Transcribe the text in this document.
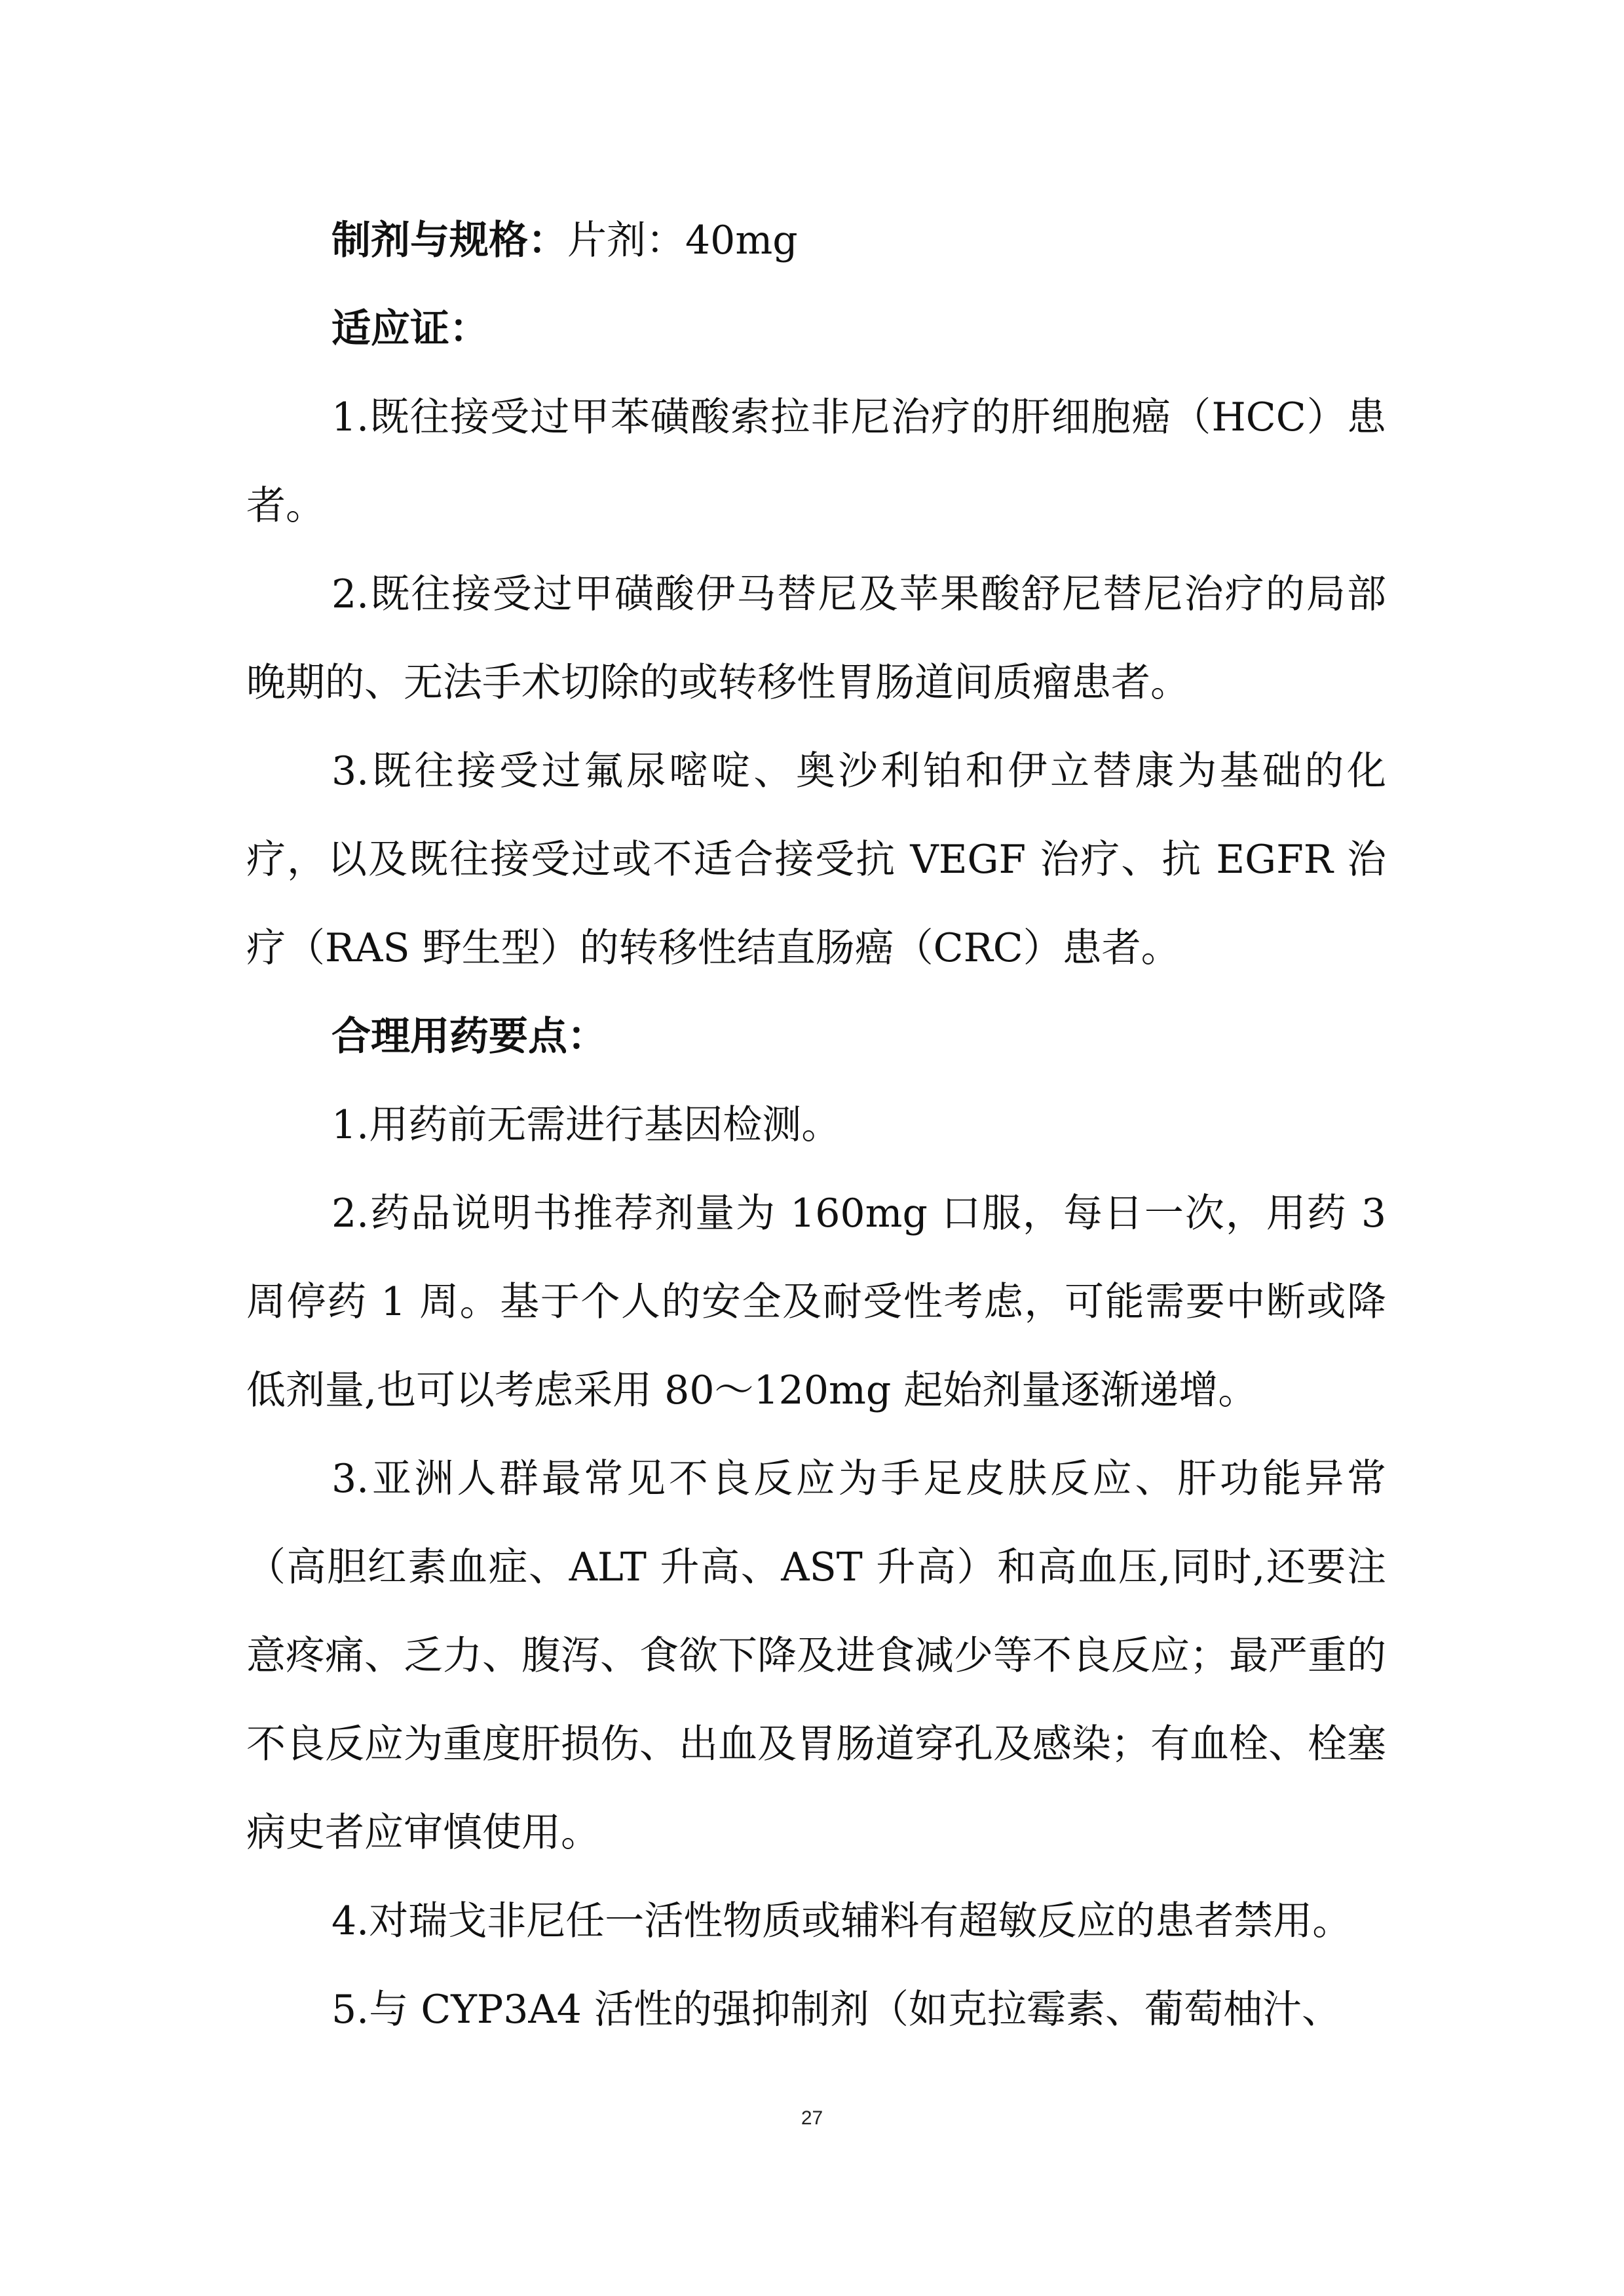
制剂与规格：片剂：40mg

适应证：

1.既往接受过甲苯磺酸索拉非尼治疗的肝细胞癌（HCC）患者。

2.既往接受过甲磺酸伊马替尼及苹果酸舒尼替尼治疗的局部晚期的、无法手术切除的或转移性胃肠道间质瘤患者。

3.既往接受过氟尿嘧啶、奥沙利铂和伊立替康为基础的化疗，以及既往接受过或不适合接受抗 VEGF 治疗、抗 EGFR 治疗（RAS 野生型）的转移性结直肠癌（CRC）患者。

合理用药要点：

1.用药前无需进行基因检测。

2.药品说明书推荐剂量为 160mg 口服，每日一次，用药 3 周停药 1 周。基于个人的安全及耐受性考虑，可能需要中断或降低剂量,也可以考虑采用 80～120mg 起始剂量逐渐递增。

3.亚洲人群最常见不良反应为手足皮肤反应、肝功能异常（高胆红素血症、ALT 升高、AST 升高）和高血压,同时,还要注意疼痛、乏力、腹泻、食欲下降及进食减少等不良反应；最严重的不良反应为重度肝损伤、出血及胃肠道穿孔及感染；有血栓、栓塞病史者应审慎使用。

4.对瑞戈非尼任一活性物质或辅料有超敏反应的患者禁用。

5.与 CYP3A4 活性的强抑制剂（如克拉霉素、葡萄柚汁、

27
